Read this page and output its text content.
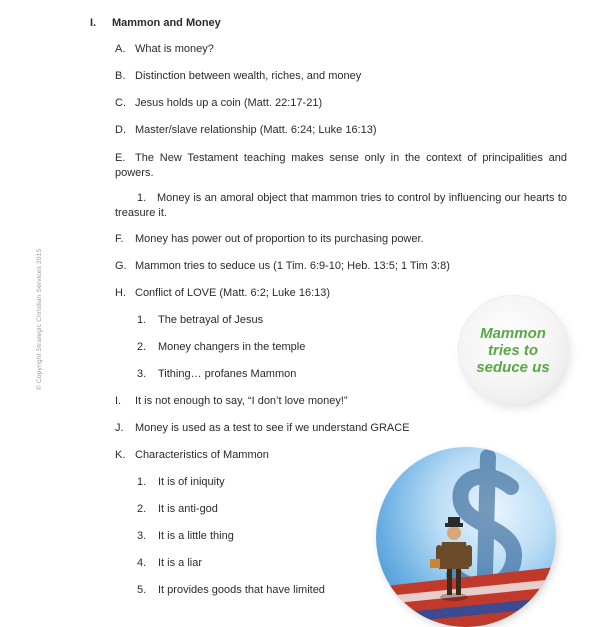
© Copyright Strategic Christian Services 2015
I. Mammon and Money
A. What is money?
B. Distinction between wealth, riches, and money
C. Jesus holds up a coin (Matt. 22:17-21)
D. Master/slave relationship (Matt. 6:24; Luke 16:13)
E. The New Testament teaching makes sense only in the context of principalities and powers.
1. Money is an amoral object that mammon tries to control by influencing our hearts to treasure it.
F. Money has power out of proportion to its purchasing power.
G. Mammon tries to seduce us (1 Tim. 6:9-10; Heb. 13:5; 1 Tim 3:8)
H. Conflict of LOVE (Matt. 6:2; Luke 16:13)
1. The betrayal of Jesus
2. Money changers in the temple
3. Tithing… profanes Mammon
I. It is not enough to say, “I don’t love money!”
J. Money is used as a test to see if we understand GRACE
K. Characteristics of Mammon
1. It is of iniquity
2. It is anti-god
3. It is a little thing
4. It is a liar
5. It provides goods that have limited
Mammon tries to seduce us
